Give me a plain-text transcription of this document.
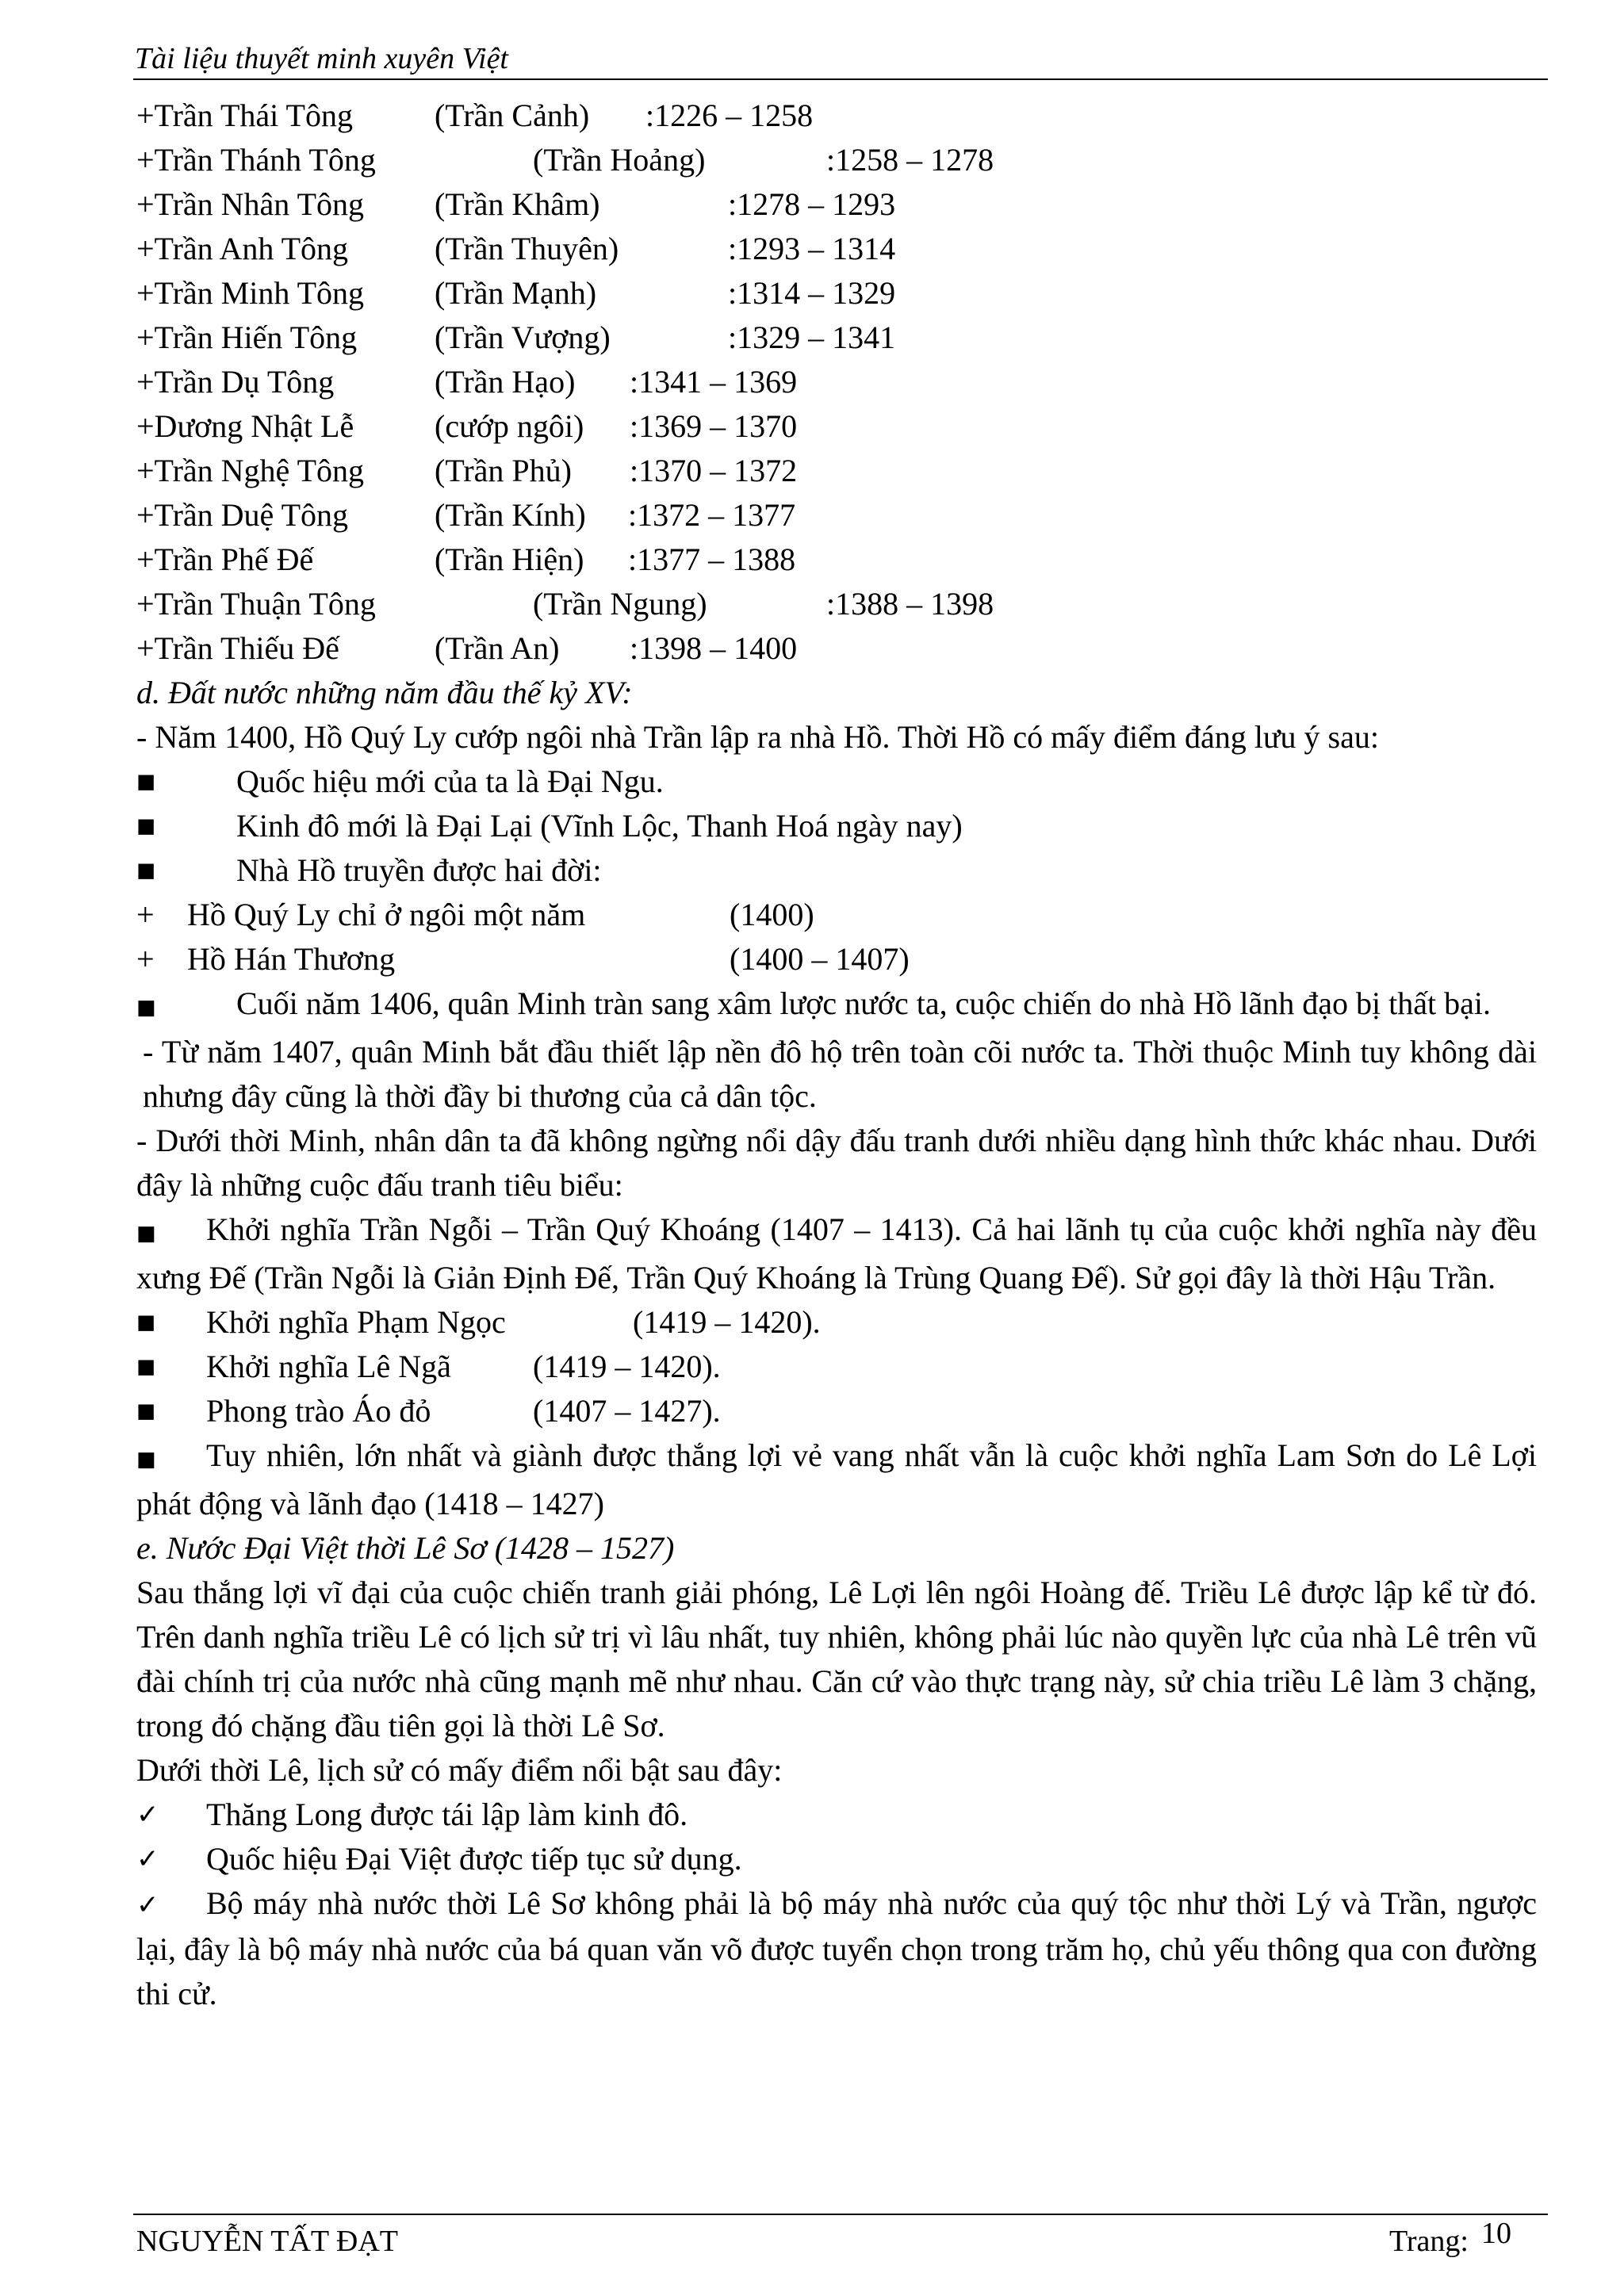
Tài liệu thuyết minh xuyên Việt
+Trần Thái Tông	(Trần Cảnh) :1226 – 1258
+Trần Thánh Tông	(Trần Hoảng)	:1258 – 1278
+Trần Nhân Tông (Trần Khâm)	:1278 – 1293
+Trần Anh Tông	(Trần Thuyên)	:1293 – 1314
+Trần Minh Tông (Trần Mạnh)	:1314 – 1329
+Trần Hiến Tông (Trần Vượng)	:1329 – 1341
+Trần Dụ Tông	(Trần Hạo) :1341 – 1369
+Dương Nhật Lễ	(cướp ngôi) :1369 – 1370
+Trần Nghệ Tông (Trần Phủ) :1370 – 1372
+Trần Duệ Tông	(Trần Kính) :1372 – 1377
+Trần Phế Đế	(Trần Hiện) :1377 – 1388
+Trần Thuận Tông	(Trần Ngung)	:1388 – 1398
+Trần Thiếu Đế	(Trần An) :1398 – 1400
d. Đất nước những năm đầu thế kỷ XV:
- Năm 1400, Hồ Quý Ly cướp ngôi nhà Trần lập ra nhà Hồ. Thời Hồ có mấy điểm đáng lưu ý sau:
■	Quốc hiệu mới của ta là Đại Ngu.
■	Kinh đô mới là Đại Lại (Vĩnh Lộc, Thanh Hoá ngày nay)
■	Nhà Hồ truyền được hai đời:
+ Hồ Quý Ly chỉ ở ngôi một năm	(1400)
+ Hồ Hán Thương	(1400 – 1407)
■	Cuối năm 1406, quân Minh tràn sang xâm lược nước ta, cuộc chiến do nhà Hồ lãnh đạo bị thất bại.
- Từ năm 1407, quân Minh bắt đầu thiết lập nền đô hộ trên toàn cõi nước ta. Thời thuộc Minh tuy không dài nhưng đây cũng là thời đầy bi thương của cả dân tộc.
- Dưới thời Minh, nhân dân ta đã không ngừng nổi dậy đấu tranh dưới nhiều dạng hình thức khác nhau. Dưới đây là những cuộc đấu tranh tiêu biểu:
■ Khởi nghĩa Trần Ngỗi – Trần Quý Khoáng (1407 – 1413). Cả hai lãnh tụ của cuộc khởi nghĩa này đều xưng Đế (Trần Ngỗi là Giản Định Đế, Trần Quý Khoáng là Trùng Quang Đế). Sử gọi đây là thời Hậu Trần.
■ Khởi nghĩa Phạm Ngọc	(1419 – 1420).
■ Khởi nghĩa Lê Ngã	(1419 – 1420).
■ Phong trào Áo đỏ	(1407 – 1427).
■ Tuy nhiên, lớn nhất và giành được thắng lợi vẻ vang nhất vẫn là cuộc khởi nghĩa Lam Sơn do Lê Lợi phát động và lãnh đạo (1418 – 1427)
e. Nước Đại Việt thời Lê Sơ (1428 – 1527)
Sau thắng lợi vĩ đại của cuộc chiến tranh giải phóng, Lê Lợi lên ngôi Hoàng đế. Triều Lê được lập kể từ đó. Trên danh nghĩa triều Lê có lịch sử trị vì lâu nhất, tuy nhiên, không phải lúc nào quyền lực của nhà Lê trên vũ đài chính trị của nước nhà cũng mạnh mẽ như nhau. Căn cứ vào thực trạng này, sử chia triều Lê làm 3 chặng, trong đó chặng đầu tiên gọi là thời Lê Sơ.
Dưới thời Lê, lịch sử có mấy điểm nổi bật sau đây:
✓ Thăng Long được tái lập làm kinh đô.
✓ Quốc hiệu Đại Việt được tiếp tục sử dụng.
✓ Bộ máy nhà nước thời Lê Sơ không phải là bộ máy nhà nước của quý tộc như thời Lý và Trần, ngược lại, đây là bộ máy nhà nước của bá quan văn võ được tuyển chọn trong trăm họ, chủ yếu thông qua con đường thi cử.
NGUYỄN TẤT ĐẠT	Trang: 10
